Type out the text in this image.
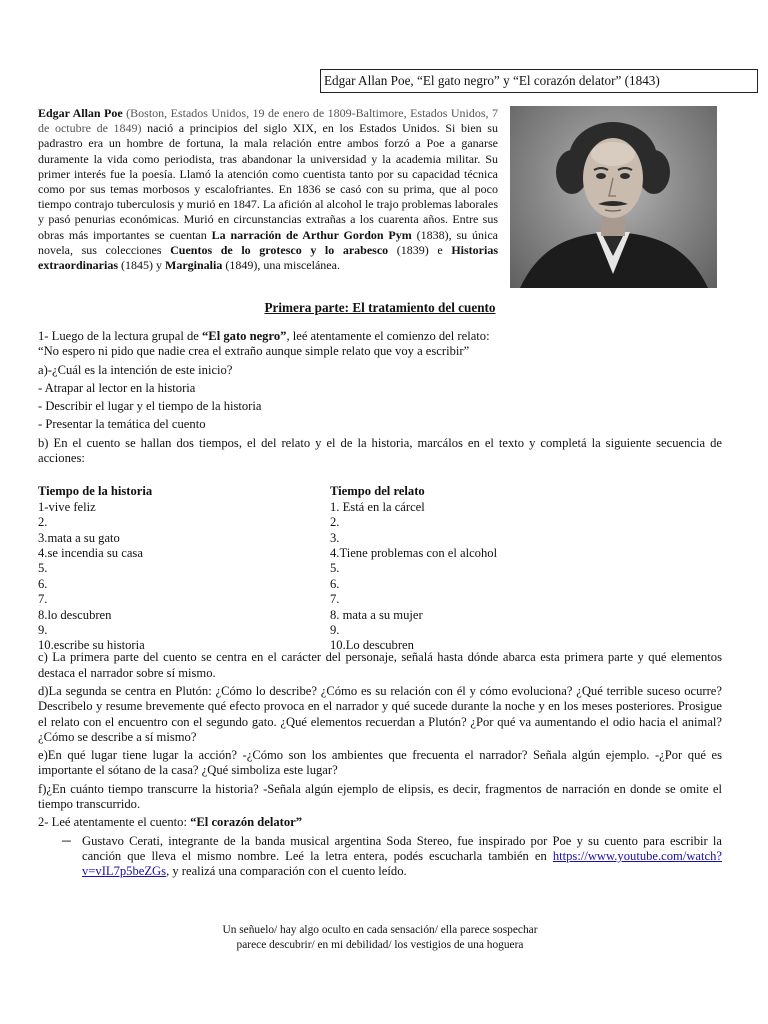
Edgar Allan Poe, “El gato negro” y “El corazón delator” (1843)
Edgar Allan Poe (Boston, Estados Unidos, 19 de enero de 1809-Baltimore, Estados Unidos, 7 de octubre de 1849) nació a principios del siglo XIX, en los Estados Unidos. Si bien su padrastro era un hombre de fortuna, la mala relación entre ambos forzó a Poe a ganarse duramente la vida como periodista, tras abandonar la universidad y la academia militar. Su primer interés fue la poesía. Llamó la atención como cuentista tanto por su capacidad técnica como por sus temas morbosos y escalofriantes. En 1836 se casó con su prima, que al poco tiempo contrajo tuberculosis y murió en 1847. La afición al alcohol le trajo problemas laborales y pasó penurias económicas. Murió en circunstancias extrañas a los cuarenta años. Entre sus obras más importantes se cuentan La narración de Arthur Gordon Pym (1838), su única novela, sus colecciones Cuentos de lo grotesco y lo arabesco (1839) e Historias extraordinarias (1845) y Marginalia (1849), una miscelánea.
Primera parte: El tratamiento del cuento

1- Luego de la lectura grupal de “El gato negro”, leé atentamente el comienzo del relato:

“No espero ni pido que nadie crea el extraño aunque simple relato que voy a escribir”

a)-¿Cuál es la intención de este inicio?

- Atrapar al lector en la historia

- Describir el lugar y el tiempo de la historia

- Presentar la temática del cuento

b) En el cuento se hallan dos tiempos, el del relato y el de la historia, marcálos en el texto y completá la siguiente secuencia de acciones:

Tiempo de la historia
1-vive feliz
2.
3.mata a su gato
4.se incendia su casa
5.
6.
7.
8.lo descubren
9.
10.escribe su historia
Tiempo del relato
1. Está en la cárcel
2.
3.
4.Tiene problemas con el alcohol
5.
6.
7.
8. mata a su mujer
9.
10.Lo descubren

c) La primera parte del cuento se centra en el carácter del personaje, señalá hasta dónde abarca esta primera parte y qué elementos destaca el narrador sobre sí mismo.

d)La segunda se centra en Plutón: ¿Cómo lo describe? ¿Cómo es su relación con él y cómo evoluciona? ¿Qué terrible suceso ocurre? Describelo y resume brevemente qué efecto provoca en el narrador y qué sucede durante la noche y en los meses posteriores. Prosigue el relato con el encuentro con el segundo gato. ¿Qué elementos recuerdan a Plutón? ¿Por qué va aumentando el odio hacia el animal?¿Cómo se describe a sí mismo?

e)En qué lugar tiene lugar la acción? -¿Cómo son los ambientes que frecuenta el narrador? Señala algún ejemplo. -¿Por qué es importante el sótano de la casa? ¿Qué simboliza este lugar?

f)¿En cuánto tiempo transcurre la historia? -Señala algún ejemplo de elipsis, es decir, fragmentos de narración en donde se omite el tiempo transcurrido.

2- Leé atentamente el cuento: “El corazón delator”

─ Gustavo Cerati, integrante de la banda musical argentina Soda Stereo, fue inspirado por Poe y su cuento para escribir la canción que lleva el mismo nombre. Leé la letra entera, podés escucharla también en https://www.youtube.com/watch?v=vIL7p5beZGs, y realizá una comparación con el cuento leído.
Un señuelo/ hay algo oculto en cada sensación/ ella parece sospechar
parece descubrir/ en mi debilidad/ los vestigios de una hoguera
